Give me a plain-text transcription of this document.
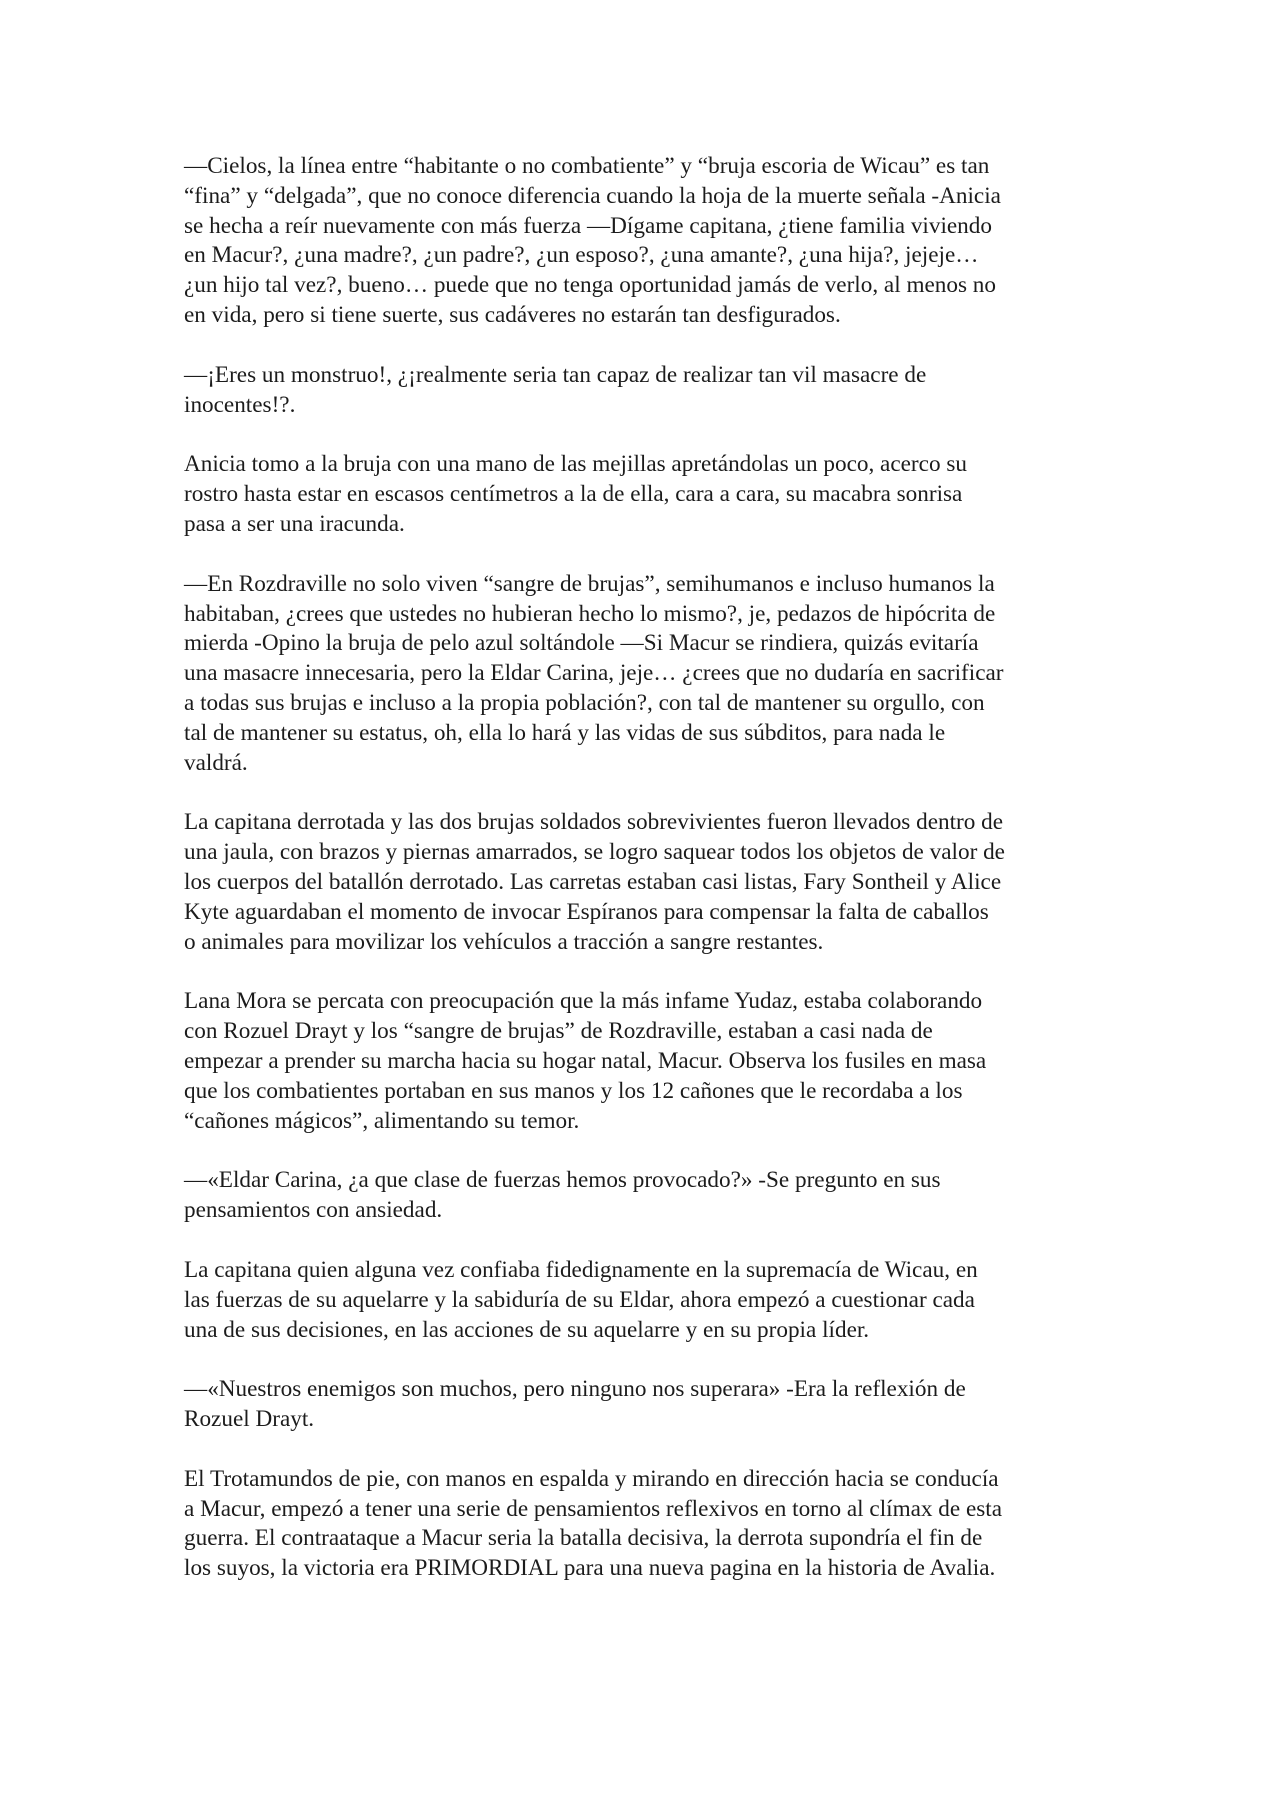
—Cielos, la línea entre “habitante o no combatiente” y “bruja escoria de Wicau” es tan
“fina” y “delgada”, que no conoce diferencia cuando la hoja de la muerte señala -Anicia
se hecha a reír nuevamente con más fuerza —Dígame capitana, ¿tiene familia viviendo
en Macur?, ¿una madre?, ¿un padre?, ¿un esposo?, ¿una amante?, ¿una hija?, jejeje…
¿un hijo tal vez?, bueno… puede que no tenga oportunidad jamás de verlo, al menos no
en vida, pero si tiene suerte, sus cadáveres no estarán tan desfigurados.

—¡Eres un monstruo!, ¿¡realmente seria tan capaz de realizar tan vil masacre de
inocentes!?.

Anicia tomo a la bruja con una mano de las mejillas apretándolas un poco, acerco su
rostro hasta estar en escasos centímetros a la de ella, cara a cara, su macabra sonrisa
pasa a ser una iracunda.

—En Rozdraville no solo viven “sangre de brujas”, semihumanos e incluso humanos la
habitaban, ¿crees que ustedes no hubieran hecho lo mismo?, je, pedazos de hipócrita de
mierda -Opino la bruja de pelo azul soltándole —Si Macur se rindiera, quizás evitaría
una masacre innecesaria, pero la Eldar Carina, jeje… ¿crees que no dudaría en sacrificar
a todas sus brujas e incluso a la propia población?, con tal de mantener su orgullo, con
tal de mantener su estatus, oh, ella lo hará y las vidas de sus súbditos, para nada le
valdrá.

La capitana derrotada y las dos brujas soldados sobrevivientes fueron llevados dentro de
una jaula, con brazos y piernas amarrados, se logro saquear todos los objetos de valor de
los cuerpos del batallón derrotado. Las carretas estaban casi listas, Fary Sontheil y Alice
Kyte aguardaban el momento de invocar Espíranos para compensar la falta de caballos
o animales para movilizar los vehículos a tracción a sangre restantes.

Lana Mora se percata con preocupación que la más infame Yudaz, estaba colaborando
con Rozuel Drayt y los “sangre de brujas” de Rozdraville, estaban a casi nada de
empezar a prender su marcha hacia su hogar natal, Macur. Observa los fusiles en masa
que los combatientes portaban en sus manos y los 12 cañones que le recordaba a los
“cañones mágicos”, alimentando su temor.

—«Eldar Carina, ¿a que clase de fuerzas hemos provocado?» -Se pregunto en sus
pensamientos con ansiedad.

La capitana quien alguna vez confiaba fidedignamente en la supremacía de Wicau, en
las fuerzas de su aquelarre y la sabiduría de su Eldar, ahora empezó a cuestionar cada
una de sus decisiones, en las acciones de su aquelarre y en su propia líder.

—«Nuestros enemigos son muchos, pero ninguno nos superara» -Era la reflexión de
Rozuel Drayt.

El Trotamundos de pie, con manos en espalda y mirando en dirección hacia se conducía
a Macur, empezó a tener una serie de pensamientos reflexivos en torno al clímax de esta
guerra. El contraataque a Macur seria la batalla decisiva, la derrota supondría el fin de
los suyos, la victoria era PRIMORDIAL para una nueva pagina en la historia de Avalia.
